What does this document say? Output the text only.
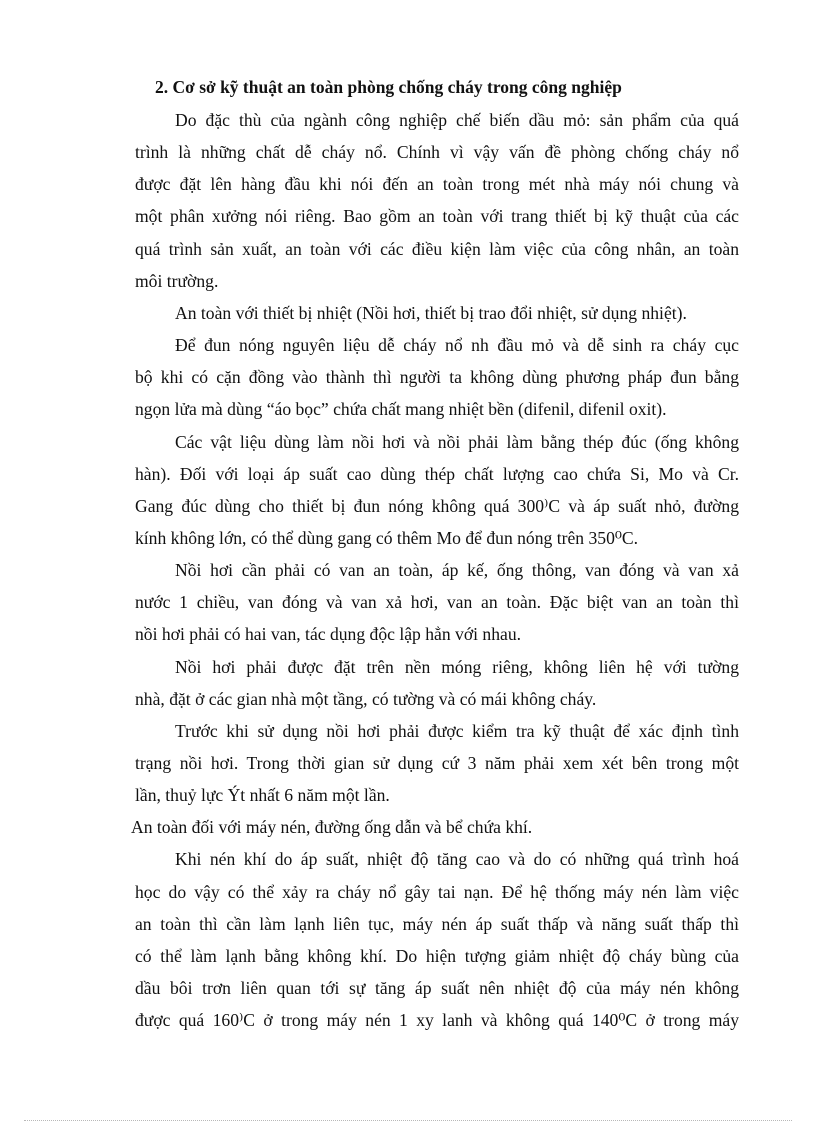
2. Cơ sở kỹ thuật an toàn phòng chống cháy trong công nghiệp
Do đặc thù của ngành công nghiệp chế biến dầu mỏ: sản phẩm của quá
trình là những chất dễ cháy nổ. Chính vì vậy vấn đề phòng chống cháy nổ
được đặt lên hàng đầu khi nói đến an toàn trong mét nhà máy nói chung và
một phân xưởng nói riêng. Bao gồm an toàn với trang thiết bị kỹ thuật của các
quá trình sản xuất, an toàn với các điều kiện làm việc của công nhân, an toàn
môi trường.
An toàn với thiết bị nhiệt (Nồi hơi, thiết bị trao đổi nhiệt, sử dụng nhiệt).
Để đun nóng nguyên liệu dễ cháy nổ nh đầu mỏ và dễ sinh ra cháy cục
bộ khi có cặn đồng vào thành thì người ta không dùng phương pháp đun bằng
ngọn lửa mà dùng “áo bọc” chứa chất mang nhiệt bền (difenil, difenil oxit).
Các vật liệu dùng làm nồi hơi và nồi phải làm bằng thép đúc (ống không
hàn). Đối với loại áp suất cao dùng thép chất lượng cao chứa Si, Mo và Cr.
Gang đúc dùng cho thiết bị đun nóng không quá 300⁾C và áp suất nhỏ, đường
kính không lớn, có thể dùng gang có thêm Mo để đun nóng trên 350⁰C.
Nồi hơi cần phải có van an toàn, áp kế, ống thông, van đóng và van xả
nước 1 chiều, van đóng và van xả hơi, van an toàn. Đặc biệt van an toàn thì
nồi hơi phải có hai van, tác dụng độc lập hẳn với nhau.
Nồi hơi phải được đặt trên nền móng riêng, không liên hệ với tường
nhà, đặt ở các gian nhà một tầng, có tường và có mái không cháy.
Trước khi sử dụng nồi hơi phải được kiểm tra kỹ thuật để xác định tình
trạng nồi hơi. Trong thời gian sử dụng cứ 3 năm phải xem xét bên trong một
lần, thuỷ lực Ýt nhất 6 năm một lần.
An toàn đối với máy nén, đường ống dẫn và bể chứa khí.
Khi nén khí do áp suất, nhiệt độ tăng cao và do có những quá trình hoá
học do vậy có thể xảy ra cháy nổ gây tai nạn. Để hệ thống máy nén làm việc
an toàn thì cần làm lạnh liên tục, máy nén áp suất thấp và năng suất thấp thì
có thể làm lạnh bằng không khí. Do hiện tượng giảm nhiệt độ cháy bùng của
dầu bôi trơn liên quan tới sự tăng áp suất nên nhiệt độ của máy nén không
được quá 160⁾C ở trong máy nén 1 xy lanh và không quá 140⁰C ở trong máy
